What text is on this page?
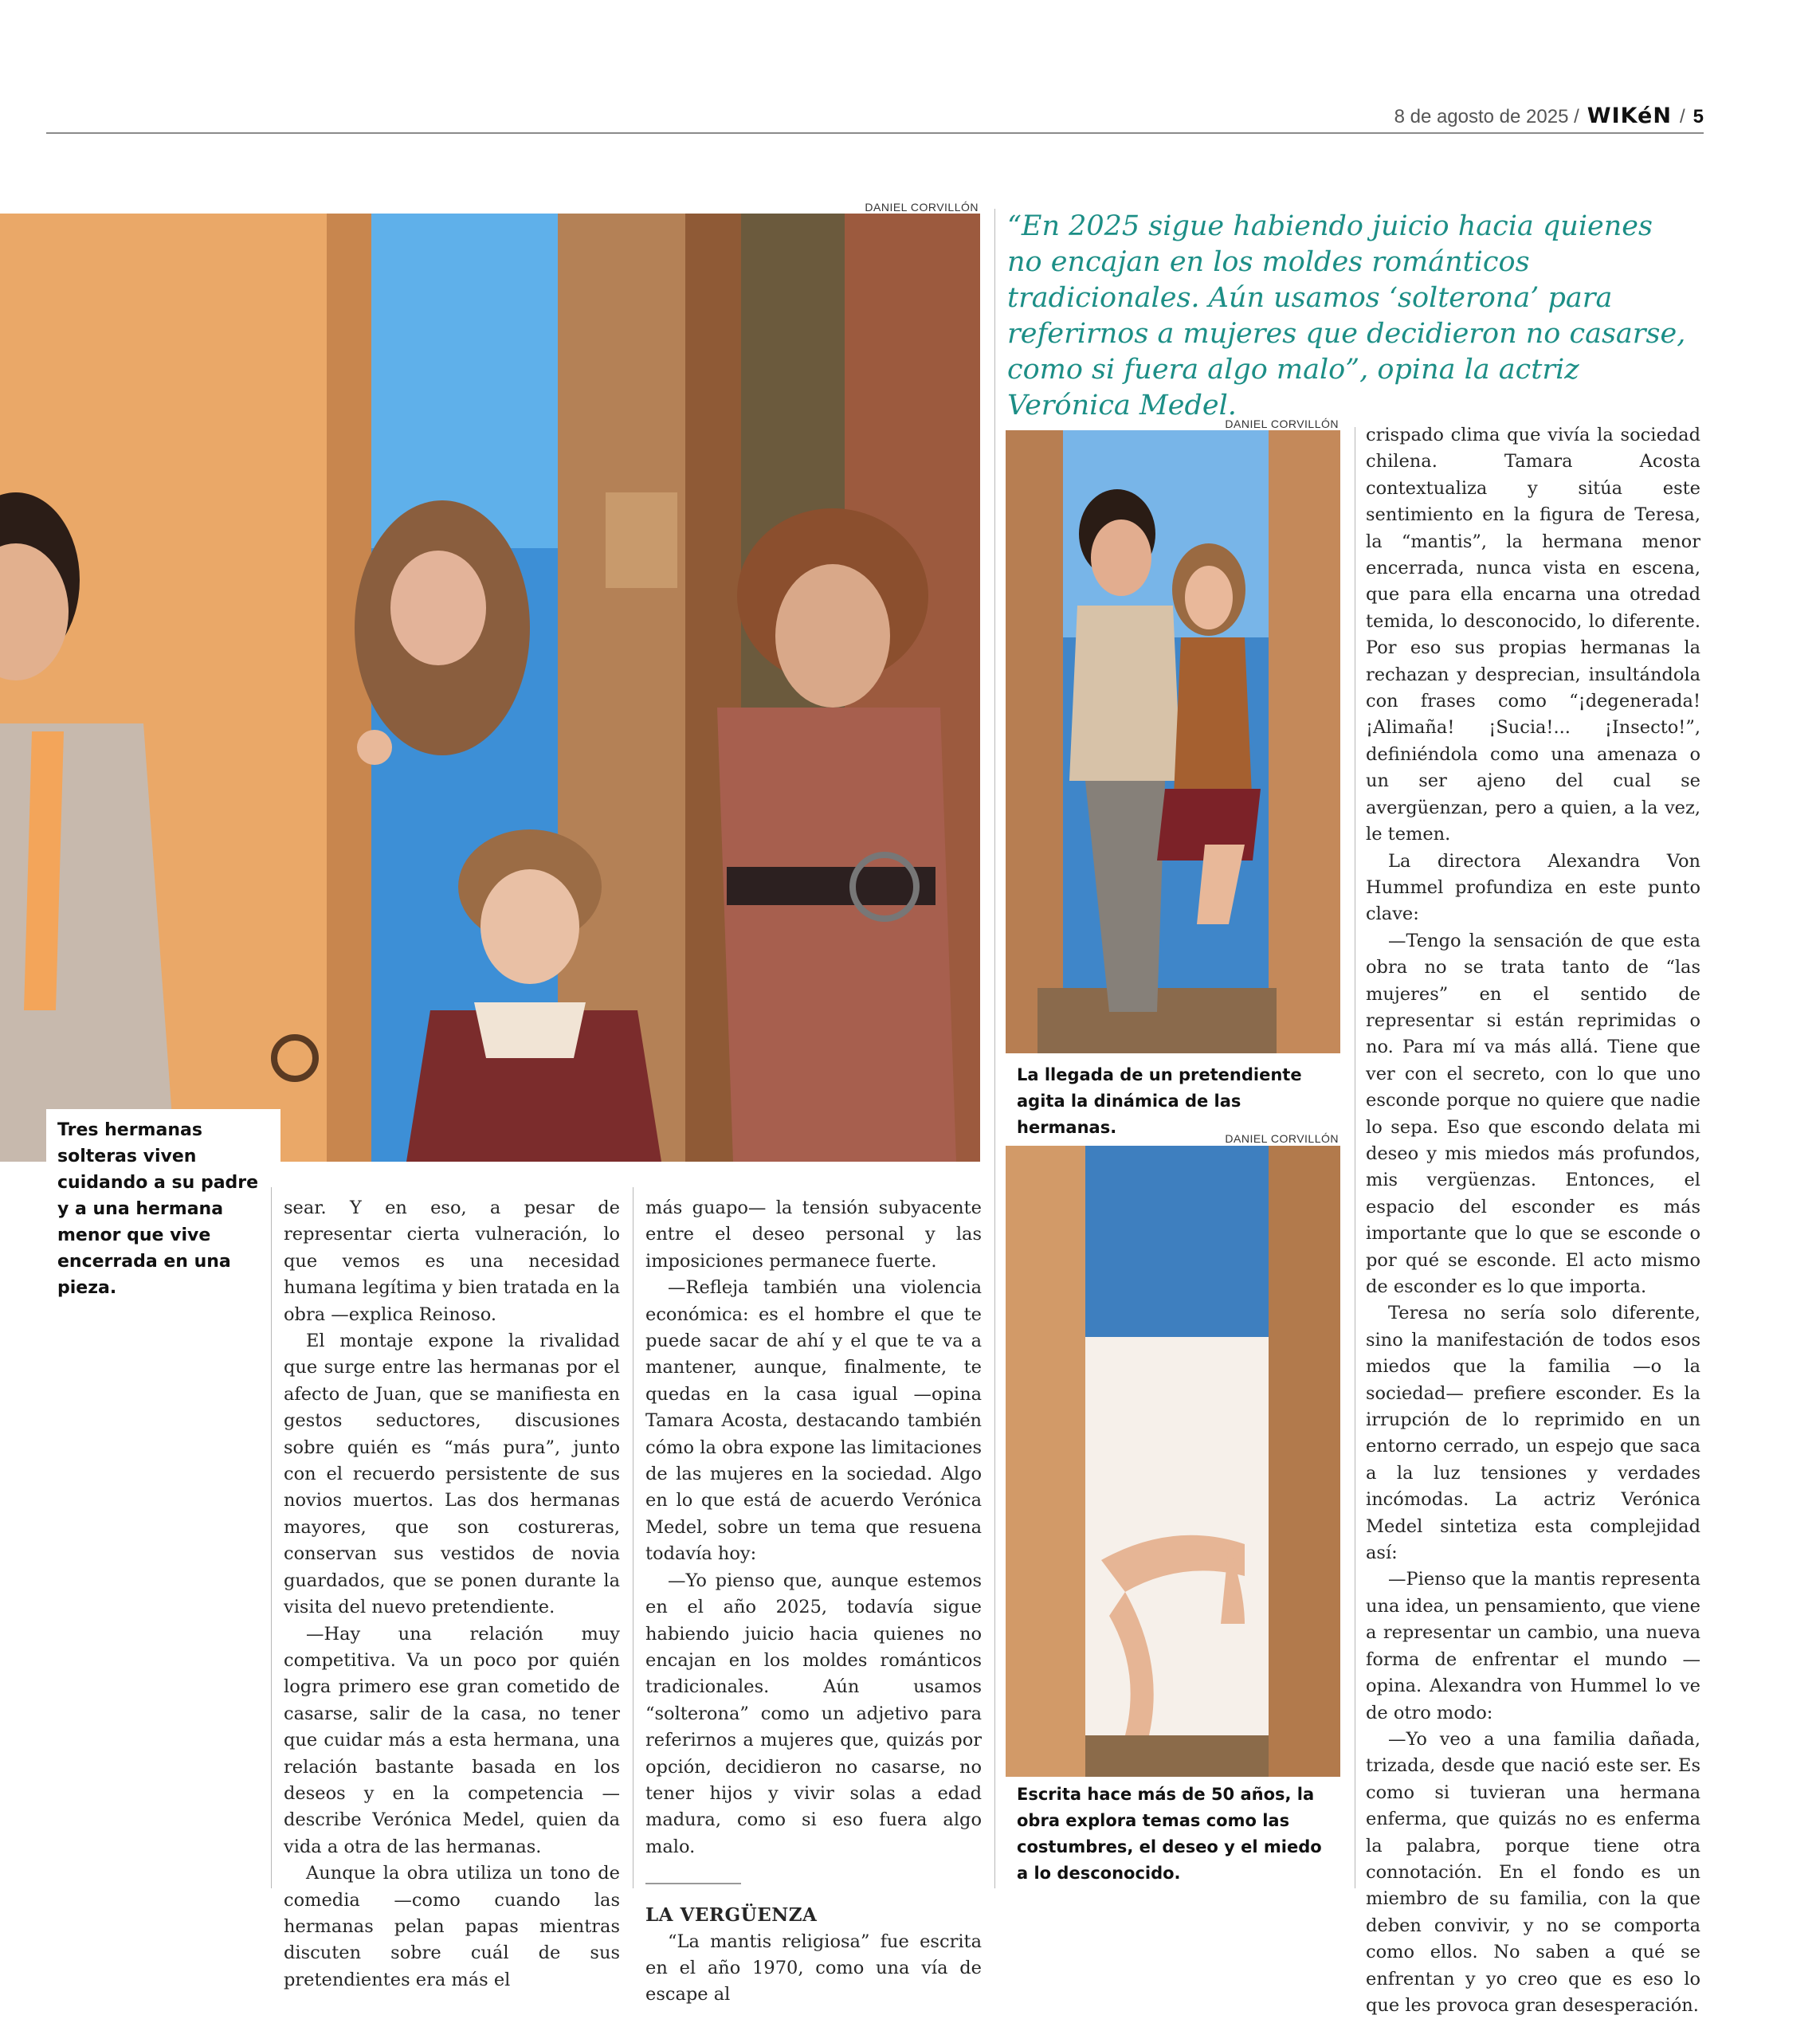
8 de agosto de 2025 / WIKéN / 5
DANIEL CORVILLÓN
Tres hermanas solteras viven cuidando a su padre y a una hermana menor que vive encerrada en una pieza.
“En 2025 sigue habiendo juicio hacia quienes no encajan en los moldes románticos tradicionales. Aún usamos ‘solterona’ para referirnos a mujeres que decidieron no casarse, como si fuera algo malo”, opina la actriz Verónica Medel.
DANIEL CORVILLÓN
La llegada de un pretendiente agita la dinámica de las hermanas.
DANIEL CORVILLÓN
Escrita hace más de 50 años, la obra explora temas como las costumbres, el deseo y el miedo a lo desconocido.

sear. Y en eso, a pesar de representar cierta vulneración, lo que vemos es una necesidad humana legítima y bien tratada en la obra —explica Reinoso.

El montaje expone la rivalidad que surge entre las hermanas por el afecto de Juan, que se manifiesta en gestos seductores, discusiones sobre quién es “más pura”, junto con el recuerdo persistente de sus novios muertos. Las dos hermanas mayores, que son costureras, conservan sus vestidos de novia guardados, que se ponen durante la visita del nuevo pretendiente.

—Hay una relación muy competitiva. Va un poco por quién logra primero ese gran cometido de casarse, salir de la casa, no tener que cuidar más a esta hermana, una relación bastante basada en los deseos y en la competencia —describe Verónica Medel, quien da vida a otra de las hermanas.

Aunque la obra utiliza un tono de comedia —como cuando las hermanas pelan papas mientras discuten sobre cuál de sus pretendientes era más el

más guapo— la tensión subyacente entre el deseo personal y las imposiciones permanece fuerte.

—Refleja también una violencia económica: es el hombre el que te puede sacar de ahí y el que te va a mantener, aunque, finalmente, te quedas en la casa igual —opina Tamara Acosta, destacando también cómo la obra expone las limitaciones de las mujeres en la sociedad. Algo en lo que está de acuerdo Verónica Medel, sobre un tema que resuena todavía hoy:

—Yo pienso que, aunque estemos en el año 2025, todavía sigue habiendo juicio hacia quienes no encajan en los moldes románticos tradicionales. Aún usamos “solterona” como un adjetivo para referirnos a mujeres que, quizás por opción, decidieron no casarse, no tener hijos y vivir solas a edad madura, como si eso fuera algo malo.

LA VERGÜENZA

“La mantis religiosa” fue escrita en el año 1970, como una vía de escape al

crispado clima que vivía la sociedad chilena. Tamara Acosta contextualiza y sitúa este sentimiento en la figura de Teresa, la “mantis”, la hermana menor encerrada, nunca vista en escena, que para ella encarna una otredad temida, lo desconocido, lo diferente. Por eso sus propias hermanas la rechazan y desprecian, insultándola con frases como “¡degenerada! ¡Alimaña! ¡Sucia!... ¡Insecto!”, definiéndola como una amenaza o un ser ajeno del cual se avergüenzan, pero a quien, a la vez, le temen.

La directora Alexandra Von Hummel profundiza en este punto clave:

—Tengo la sensación de que esta obra no se trata tanto de “las mujeres” en el sentido de representar si están reprimidas o no. Para mí va más allá. Tiene que ver con el secreto, con lo que uno esconde porque no quiere que nadie lo sepa. Eso que escondo delata mi deseo y mis miedos más profundos, mis vergüenzas. Entonces, el espacio del esconder es más importante que lo que se esconde o por qué se esconde. El acto mismo de esconder es lo que importa.

Teresa no sería solo diferente, sino la manifestación de todos esos miedos que la familia —o la sociedad— prefiere esconder. Es la irrupción de lo reprimido en un entorno cerrado, un espejo que saca a la luz tensiones y verdades incómodas. La actriz Verónica Medel sintetiza esta complejidad así:

—Pienso que la mantis representa una idea, un pensamiento, que viene a representar un cambio, una nueva forma de enfrentar el mundo —opina. Alexandra von Hummel lo ve de otro modo:

—Yo veo a una familia dañada, trizada, desde que nació este ser. Es como si tuvieran una hermana enferma, que quizás no es enferma la palabra, porque tiene otra connotación. En el fondo es un miembro de su familia, con la que deben convivir, y no se comporta como ellos. No saben a qué se enfrentan y yo creo que es eso lo que les provoca gran desesperación.
